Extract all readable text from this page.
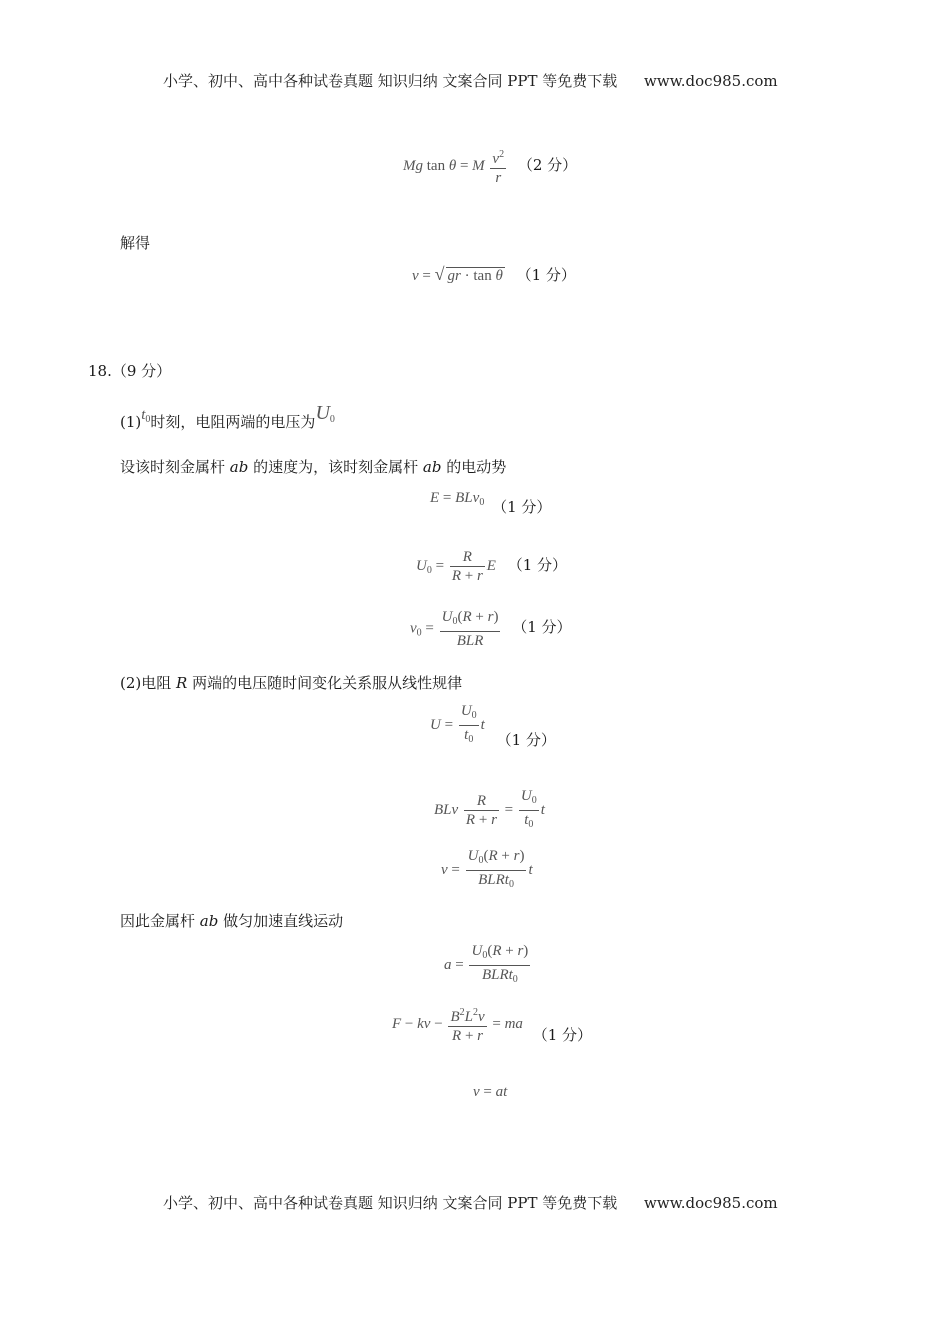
小学、初中、高中各种试卷真题 知识归纳 文案合同 PPT 等免费下载 www.doc985.com
Mg tan θ = M $\frac{v^2}{r} (2$ 分）
解得
v = √ gr · tan θ （1 分）
18.（9 分）
$(1)t_0$时刻，电阻两端的电压为$U_0$
设该时刻金属杆 ab 的速度为，该时刻金属杆 ab 的电动势
E = BLv$_0$ （1 分）
$U_0 = \frac{R}{R + r}$ E （1 分）
$v_0 = \frac{U_0(R + r)}{\text{BLR}} (1$ 分）
(2)电阻 R 两端的电压随时间变化关系服从线性规律
$U = \frac{U_0}{t_0}$ t （1 分）
BLv $\frac{R}{R + r} = \frac{U_0}{t_0}$ t
$v = \frac{U_0(R + r)}{BLRt_0}$ t
因此金属杆 ab 做匀加速直线运动
$a = \frac{U_0(R + r)}{BLRt_0}$
F − kv − $\frac{B^2L^2v}{R + r}$ = ma （1 分）
v = at
小学、初中、高中各种试卷真题 知识归纳 文案合同 PPT 等免费下载 www.doc985.com
